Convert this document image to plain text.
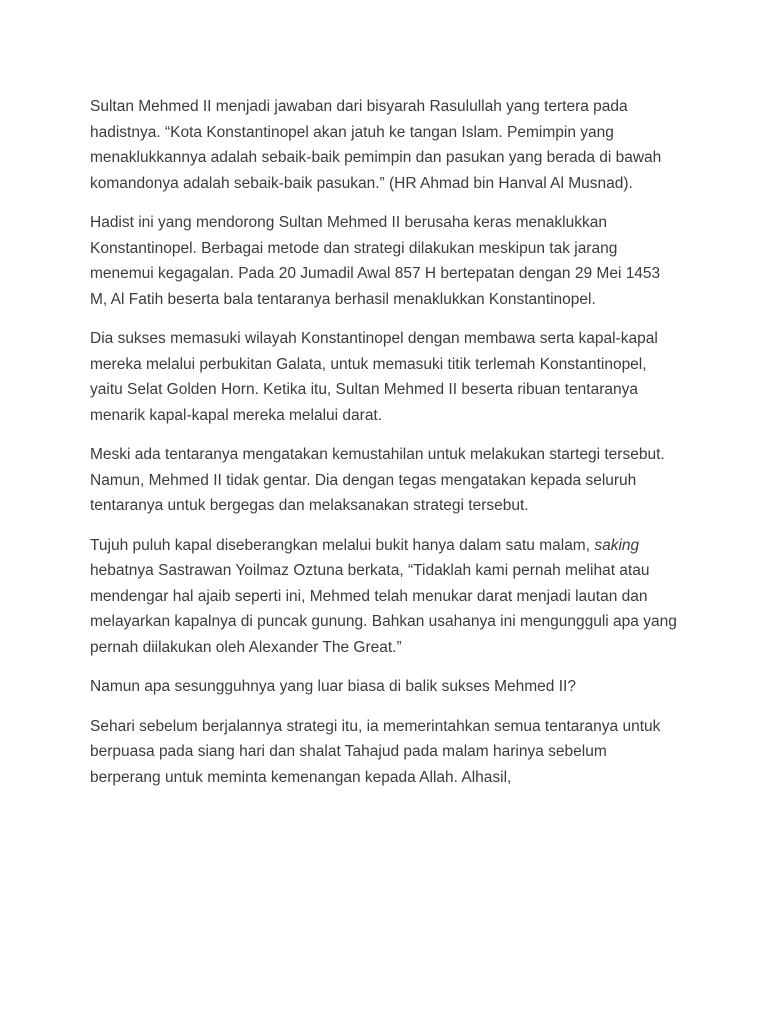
Sultan Mehmed II menjadi jawaban dari bisyarah Rasulullah yang tertera pada hadistnya. “Kota Konstantinopel akan jatuh ke tangan Islam. Pemimpin yang menaklukkannya adalah sebaik-baik pemimpin dan pasukan yang berada di bawah komandonya adalah sebaik-baik pasukan.” (HR Ahmad bin Hanval Al Musnad).

Hadist ini yang mendorong Sultan Mehmed II berusaha keras menaklukkan Konstantinopel. Berbagai metode dan strategi dilakukan meskipun tak jarang menemui kegagalan. Pada 20 Jumadil Awal 857 H bertepatan dengan 29 Mei 1453 M, Al Fatih beserta bala tentaranya berhasil menaklukkan Konstantinopel.

Dia sukses memasuki wilayah Konstantinopel dengan membawa serta kapal-kapal mereka melalui perbukitan Galata, untuk memasuki titik terlemah Konstantinopel, yaitu Selat Golden Horn. Ketika itu, Sultan Mehmed II beserta ribuan tentaranya menarik kapal-kapal mereka melalui darat.

Meski ada tentaranya mengatakan kemustahilan untuk melakukan startegi tersebut. Namun, Mehmed II tidak gentar. Dia dengan tegas mengatakan kepada seluruh tentaranya untuk bergegas dan melaksanakan strategi tersebut.

Tujuh puluh kapal diseberangkan melalui bukit hanya dalam satu malam, saking hebatnya Sastrawan Yoilmaz Oztuna berkata, “Tidaklah kami pernah melihat atau mendengar hal ajaib seperti ini, Mehmed telah menukar darat menjadi lautan dan melayarkan kapalnya di puncak gunung. Bahkan usahanya ini mengungguli apa yang pernah diilakukan oleh Alexander The Great.”

Namun apa sesungguhnya yang luar biasa di balik sukses Mehmed II?

Sehari sebelum berjalannya strategi itu, ia memerintahkan semua tentaranya untuk berpuasa pada siang hari dan shalat Tahajud pada malam harinya sebelum berperang untuk meminta kemenangan kepada Allah. Alhasil,
